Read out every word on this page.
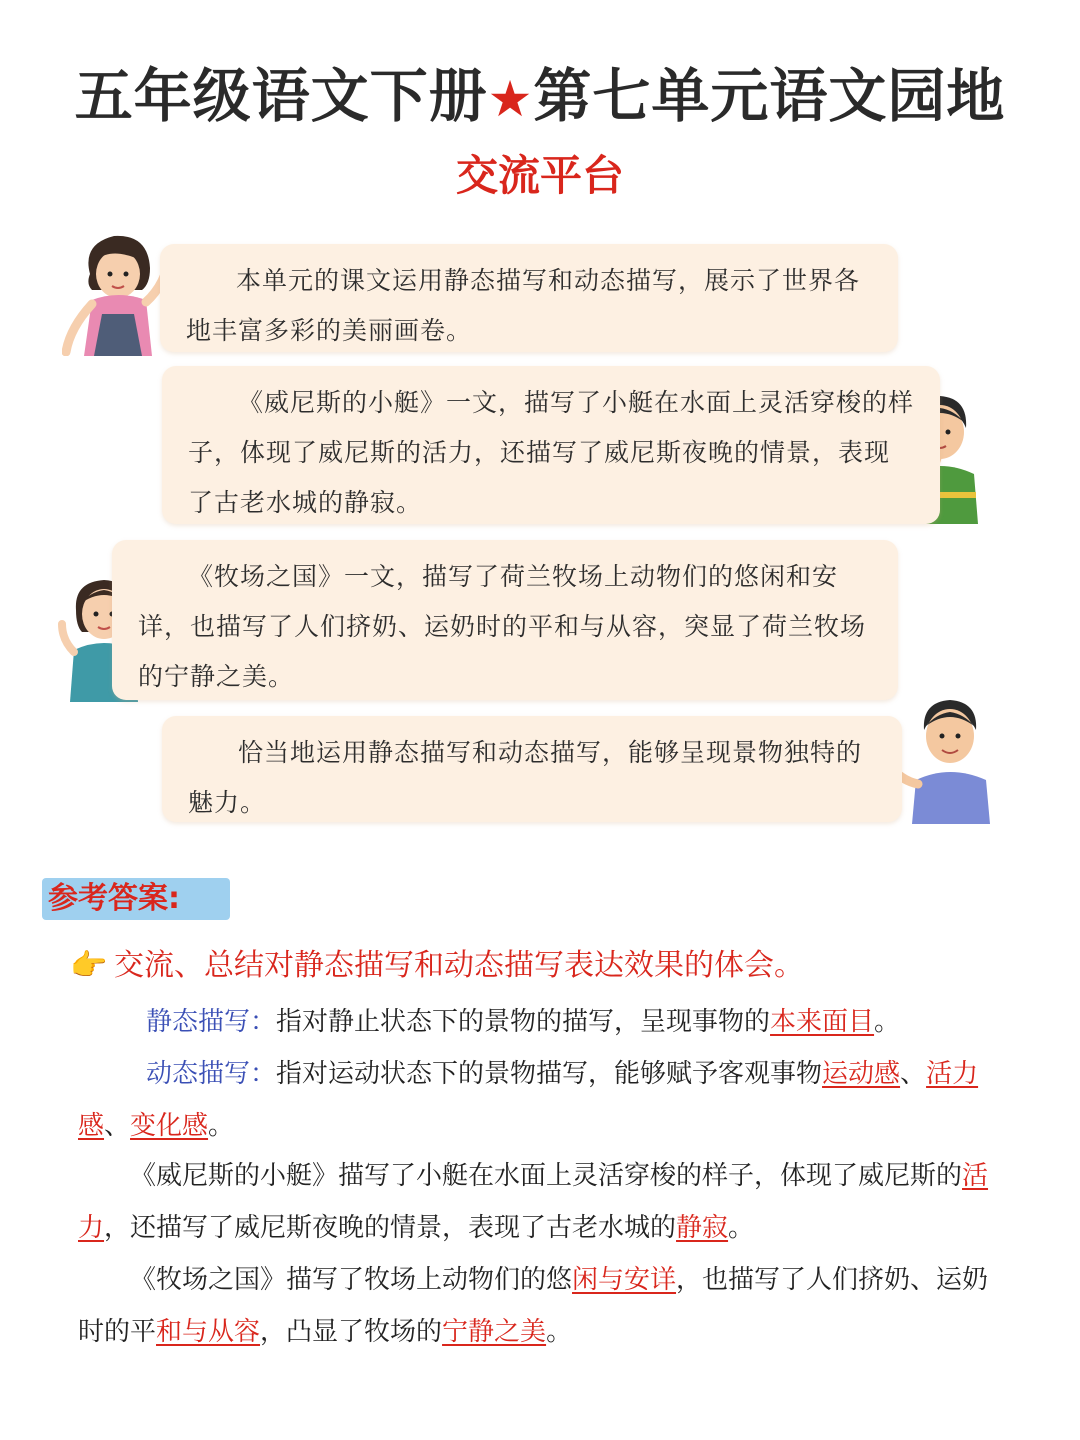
五年级语文下册★第七单元语文园地
交流平台

本单元的课文运用静态描写和动态描写，展示了世界各地丰富多彩的美丽画卷。

《威尼斯的小艇》一文，描写了小艇在水面上灵活穿梭的样子，体现了威尼斯的活力，还描写了威尼斯夜晚的情景，表现了古老水城的静寂。

《牧场之国》一文，描写了荷兰牧场上动物们的悠闲和安详，也描写了人们挤奶、运奶时的平和与从容，突显了荷兰牧场的宁静之美。

恰当地运用静态描写和动态描写，能够呈现景物独特的魅力。

参考答案:
👉 交流、总结对静态描写和动态描写表达效果的体会。
静态描写：指对静止状态下的景物的描写，呈现事物的本来面目。
动态描写：指对运动状态下的景物描写，能够赋予客观事物运动感、活力感、变化感。
《威尼斯的小艇》描写了小艇在水面上灵活穿梭的样子，体现了威尼斯的活力，还描写了威尼斯夜晚的情景，表现了古老水城的静寂。
《牧场之国》描写了牧场上动物们的悠闲与安详，也描写了人们挤奶、运奶时的平和与从容，凸显了牧场的宁静之美。
